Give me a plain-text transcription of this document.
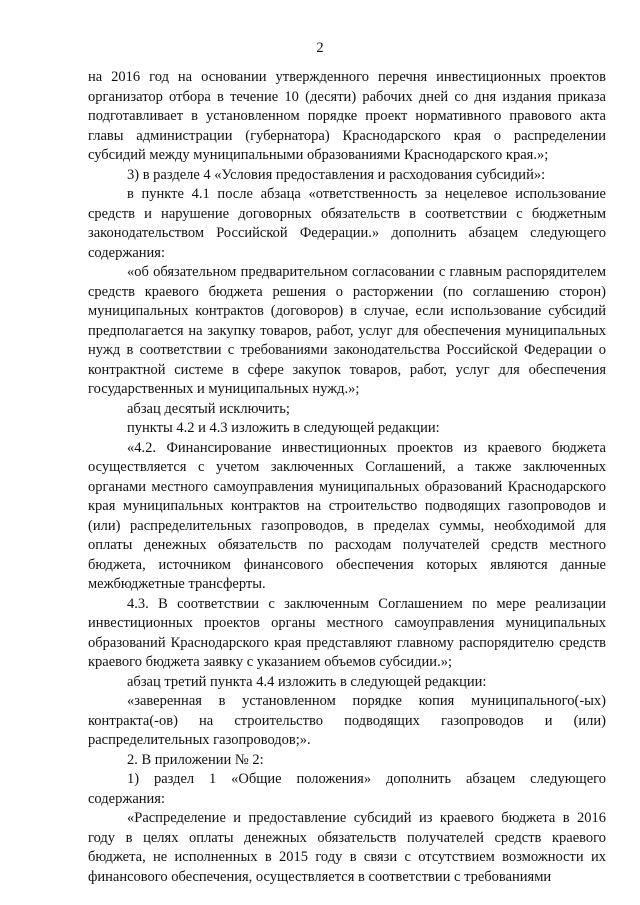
2

на 2016 год на основании утвержденного перечня инвестиционных проектов организатор отбора в течение 10 (десяти) рабочих дней со дня издания приказа подготавливает в установленном порядке проект нормативного правового акта главы администрации (губернатора) Краснодарского края о распределении субсидий между муниципальными образованиями Краснодарского края.»;

3) в разделе 4 «Условия предоставления и расходования субсидий»:

в пункте 4.1 после абзаца «ответственность за нецелевое использование средств и нарушение договорных обязательств в соответствии с бюджетным законодательством Российской Федерации.» дополнить абзацем следующего содержания:

«об обязательном предварительном согласовании с главным распорядителем средств краевого бюджета решения о расторжении (по соглашению сторон) муниципальных контрактов (договоров) в случае, если использование субсидий предполагается на закупку товаров, работ, услуг для обеспечения муниципальных нужд в соответствии с требованиями законодательства Российской Федерации о контрактной системе в сфере закупок товаров, работ, услуг для обеспечения государственных и муниципальных нужд.»;

абзац десятый исключить;

пункты 4.2 и 4.3 изложить в следующей редакции:

«4.2. Финансирование инвестиционных проектов из краевого бюджета осуществляется с учетом заключенных Соглашений, а также заключенных органами местного самоуправления муниципальных образований Краснодарского края муниципальных контрактов на строительство подводящих газопроводов и (или) распределительных газопроводов, в пределах суммы, необходимой для оплаты денежных обязательств по расходам получателей средств местного бюджета, источником финансового обеспечения которых являются данные межбюджетные трансферты.

4.3. В соответствии с заключенным Соглашением по мере реализации инвестиционных проектов органы местного самоуправления муниципальных образований Краснодарского края представляют главному распорядителю средств краевого бюджета заявку с указанием объемов субсидии.»;

абзац третий пункта 4.4 изложить в следующей редакции:

«заверенная в установленном порядке копия муниципального(-ых) контракта(-ов) на строительство подводящих газопроводов и (или) распределительных газопроводов;».

2. В приложении № 2:

1) раздел 1 «Общие положения» дополнить абзацем следующего содержания:

«Распределение и предоставление субсидий из краевого бюджета в 2016 году в целях оплаты денежных обязательств получателей средств краевого бюджета, не исполненных в 2015 году в связи с отсутствием возможности их финансового обеспечения, осуществляется в соответствии с требованиями
